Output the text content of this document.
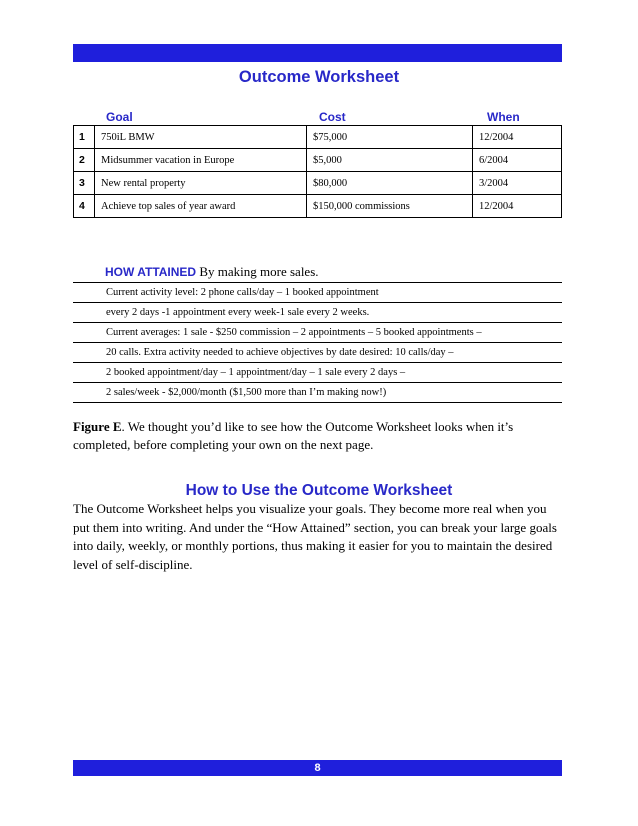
Outcome Worksheet
Goal	Cost	When
1	750iL BMW	$75,000	12/2004
2	Midsummer vacation in Europe	$5,000	6/2004
3	New rental property	$80,000	3/2004
4	Achieve top sales of year award	$150,000 commissions	12/2004
HOW ATTAINED By making more sales.
Current activity level: 2 phone calls/day – 1 booked appointment
every 2 days -1 appointment every week-1 sale every 2 weeks.
Current averages: 1 sale - $250 commission – 2 appointments – 5 booked appointments –
20 calls. Extra activity needed to achieve objectives by date desired: 10 calls/day –
2 booked appointment/day – 1 appointment/day – 1 sale every 2 days –
2 sales/week - $2,000/month ($1,500 more than I’m making now!)
Figure E. We thought you’d like to see how the Outcome Worksheet looks when it’s completed, before completing your own on the next page.
How to Use the Outcome Worksheet
The Outcome Worksheet helps you visualize your goals. They become more real when you put them into writing. And under the “How Attained” section, you can break your large goals into daily, weekly, or monthly portions, thus making it easier for you to maintain the desired level of self-discipline.
8
